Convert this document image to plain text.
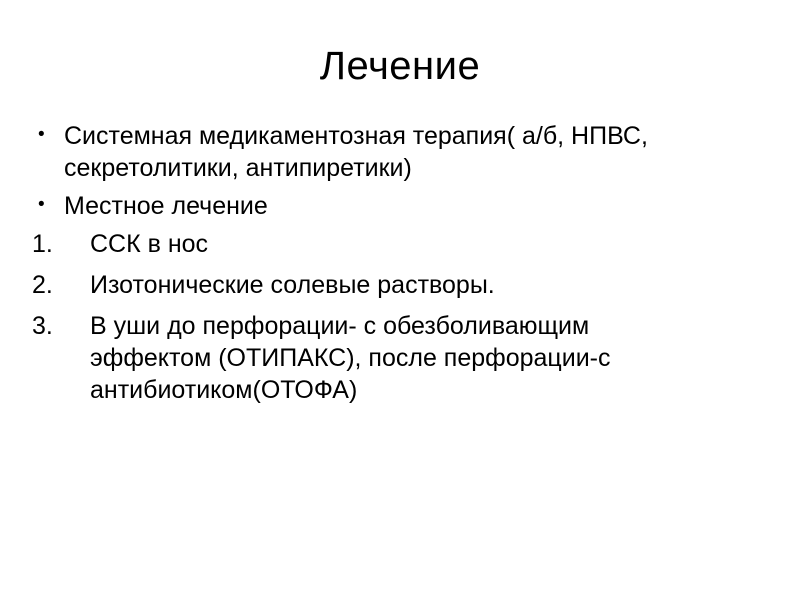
Лечение
• Системная медикаментозная терапия( а/б, НПВС, секретолитики, антипиретики)
• Местное лечение
1.	ССК в нос
2.	Изотонические солевые растворы.
3.	В уши до перфорации- с обезболивающим эффектом (ОТИПАКС), после перфорации-с антибиотиком(ОТОФА)
